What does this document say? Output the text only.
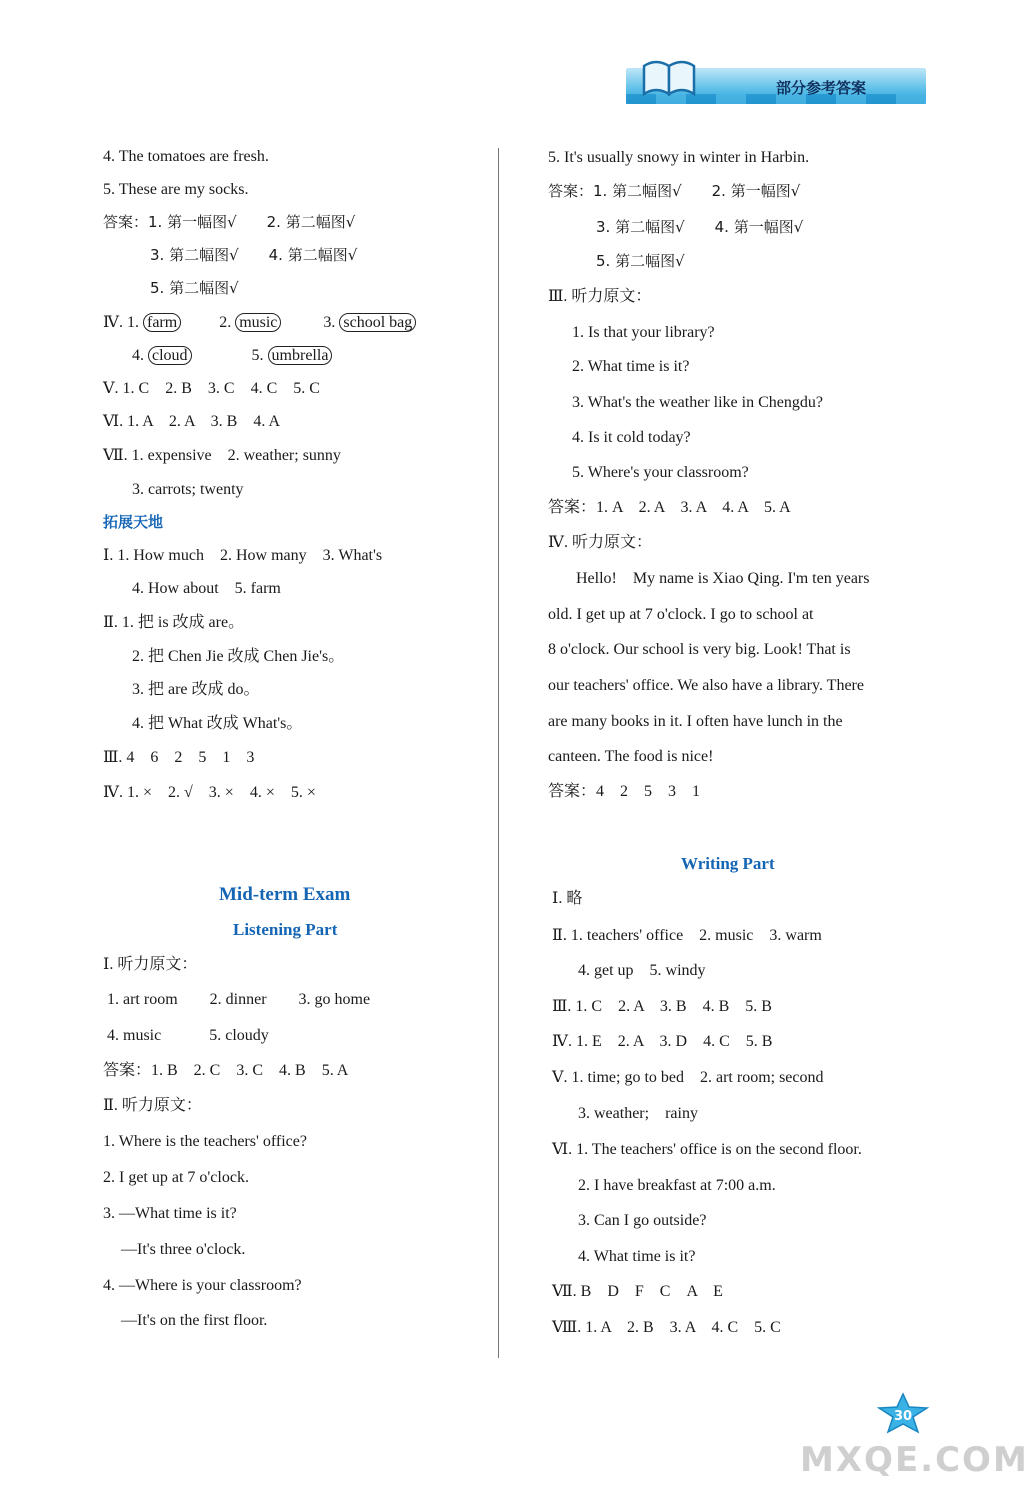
部分参考答案
4. The tomatoes are fresh.
5. These are my socks.
答案：1. 第一幅图√　　2. 第二幅图√
3. 第二幅图√　　4. 第二幅图√
5. 第二幅图√
Ⅳ. 1. farm	2. music	3. school bag
4. cloud	5. umbrella
Ⅴ. 1. C　2. B　3. C　4. C　5. C
Ⅵ. 1. A　2. A　3. B　4. A
Ⅶ. 1. expensive　2. weather; sunny
3. carrots; twenty
拓展天地
Ⅰ. 1. How much　2. How many　3. What's
4. How about　5. farm
Ⅱ. 1. 把 is 改成 are。
2. 把 Chen Jie 改成 Chen Jie's。
3. 把 are 改成 do。
4. 把 What 改成 What's。
Ⅲ. 4　6　2　5　1　3
Ⅳ. 1. ×　2. √　3. ×　4. ×　5. ×
Mid-term Exam
Listening Part
Ⅰ. 听力原文：
1. art room　　2. dinner　　3. go home
4. music　　　5. cloudy
答案：1. B　2. C　3. C　4. B　5. A
Ⅱ. 听力原文：
1. Where is the teachers' office?
2. I get up at 7 o'clock.
3. —What time is it?
—It's three o'clock.
4. —Where is your classroom?
—It's on the first floor.
5. It's usually snowy in winter in Harbin.
答案：1. 第二幅图√　　2. 第一幅图√
3. 第二幅图√　　4. 第一幅图√
5. 第二幅图√
Ⅲ. 听力原文：
1. Is that your library?
2. What time is it?
3. What's the weather like in Chengdu?
4. Is it cold today?
5. Where's your classroom?
答案：1. A　2. A　3. A　4. A　5. A
Ⅳ. 听力原文：
Hello!　My name is Xiao Qing. I'm ten years
old. I get up at 7 o'clock. I go to school at
8 o'clock. Our school is very big. Look! That is
our teachers' office. We also have a library. There
are many books in it. I often have lunch in the
canteen. The food is nice!
答案：4　2　5　3　1
Writing Part
Ⅰ. 略
Ⅱ. 1. teachers' office　2. music　3. warm
4. get up　5. windy
Ⅲ. 1. C　2. A　3. B　4. B　5. B
Ⅳ. 1. E　2. A　3. D　4. C　5. B
Ⅴ. 1. time; go to bed　2. art room; second
3. weather;　rainy
Ⅵ. 1. The teachers' office is on the second floor.
2. I have breakfast at 7:00 a.m.
3. Can I go outside?
4. What time is it?
Ⅶ. B　D　F　C　A　E
Ⅷ. 1. A　2. B　3. A　4. C　5. C
30
MXQE.COM
